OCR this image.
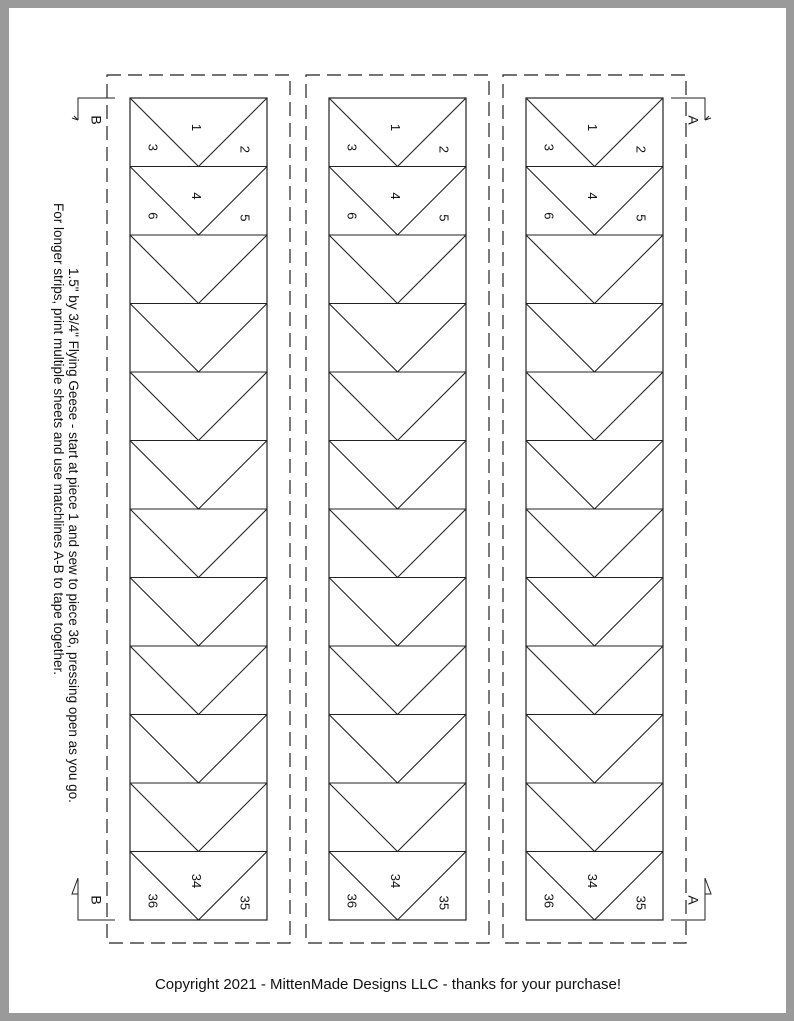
1
3	2
4
6	5
34
36	35
1
3	2
4
6	5
34
36	35
1
3	2
4
6	5
34
36	35
B	A
B	A
1.5" by 3/4" Flying Geese - start at piece 1 and sew to piece 36, pressing open as you go.
For longer strips, print multiple sheets and use matchlines A-B to tape together.
Copyright 2021 - MittenMade Designs LLC - thanks for your purchase!
